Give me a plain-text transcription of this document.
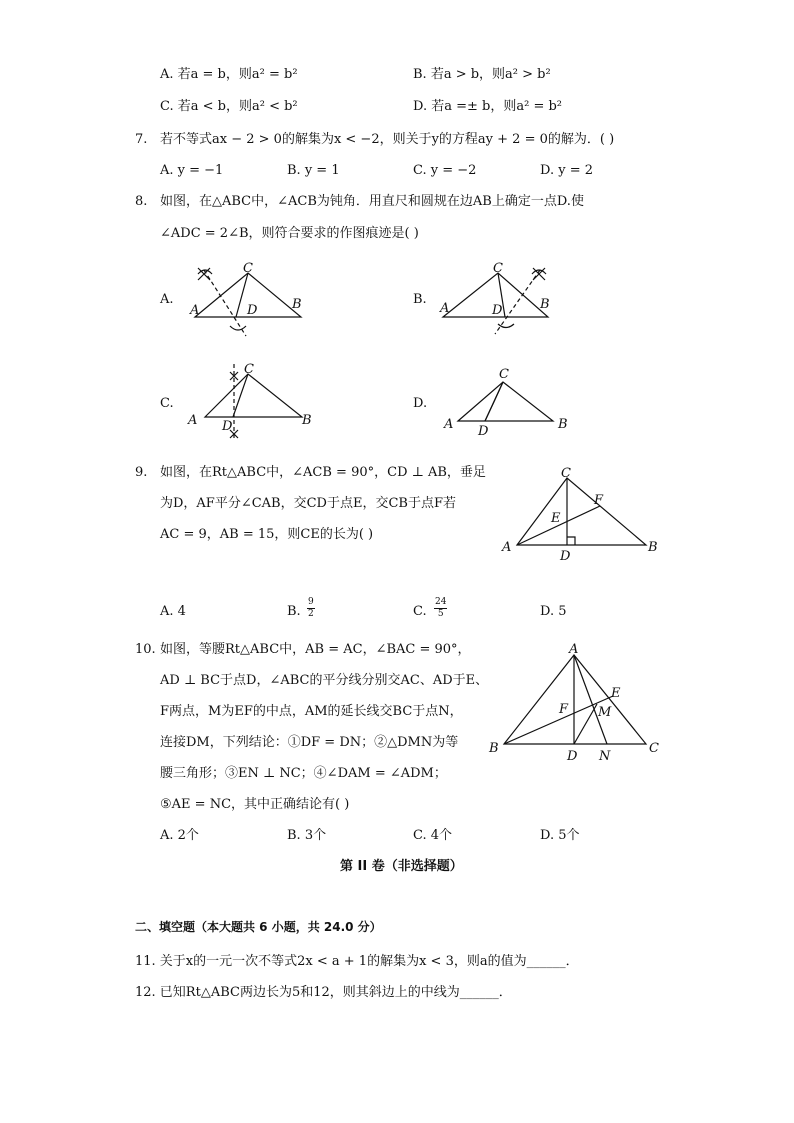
A. 若a = b，则a² = b²	B. 若a > b，则a² > b²
C. 若a < b，则a² < b²	D. 若a =± b，则a² = b²
7. 若不等式ax − 2 > 0的解集为x < −2，则关于y的方程ay + 2 = 0的解为．( )
A. y = −1	B. y = 1	C. y = −2	D. y = 2
8. 如图，在△ABC中，∠ACB为钝角．用直尺和圆规在边AB上确定一点D.使
∠ADC = 2∠B，则符合要求的作图痕迹是( )
A.
C
A	D	B	B.
C
A	D	B
C.
C
A D	B
D.
C
A D	B
9. 如图，在Rt△ABC中，∠ACB = 90°，CD ⊥ AB，垂足
为D，AF平分∠CAB，交CD于点E，交CB于点F若
AC = 9，AB = 15，则CE的长为( )
C
F
E
A
D
B
A. 4	B. $\frac{9}{2}$	C. $\frac{24}{5}$	D. 5
10. 如图，等腰Rt△ABC中，AB = AC，∠BAC = 90°，
AD ⊥ BC于点D，∠ABC的平分线分别交AC、AD于E、
F两点，M为EF的中点，AM的延长线交BC于点N，
连接DM，下列结论：①DF = DN；②△DMN为等
腰三角形；③EN ⊥ NC；④∠DAM = ∠ADM；
⑤AE = NC，其中正确结论有( )
A
E
F M
B
D N
C
A. 2个	B. 3个	C. 4个	D. 5个
第 II 卷（非选择题）
二、填空题（本大题共 6 小题，共 24.0 分）
11. 关于x的一元一次不等式2x < a + 1的解集为x < 3，则a的值为______．
12. 已知Rt△ABC两边长为5和12，则其斜边上的中线为______．
